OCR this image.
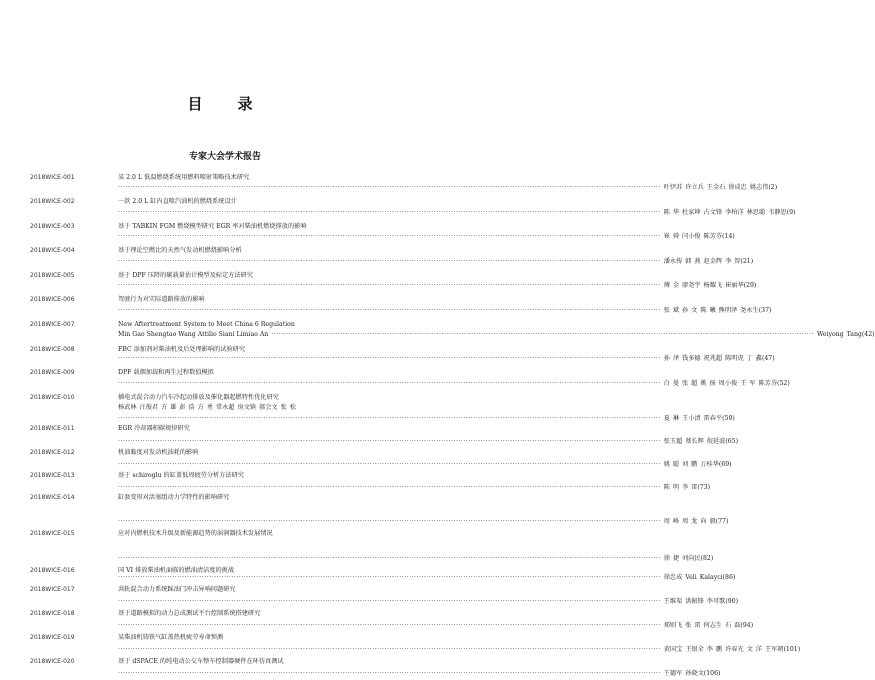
目　录
专家大会学术报告
2018WICE-001	某 2.0 L 低温燃烧系统用燃料喷射策略技术研究
···························································································································································································································· 叶伊苏 许立兵 王金石 徐成忠 姚志伟(2)
2018WICE-002	一款 2.0 L 缸内直喷汽油机的燃烧系统设计
···························································································································································································································· 陈 华 杜家坤 占文锋 李柏洋 林思聪 韦静思(9)
2018WICE-003	基于 TABKIN FGM 燃烧模型研究 EGR 率对柴油机燃烧排放的影响
···························································································································································································································· 崔 舜 闫小俊 陈芳芬(14)
2018WICE-004	基于理论空燃比的天然气发动机燃烧影响分析
···························································································································································································································· 潘永传 韩 燕 赵金辉 李 智(21)
2018WICE-005	基于 DPF 压降的碳载量估计模型及标定方法研究
···························································································································································································································· 傅 金 廖尧宇 杨耀飞 崔丽华(29)
2018WICE-006	驾驶行为对实际道路排放的影响
···························································································································································································································· 张 斌 孙 文 陈 曦 熊明泽 尧永生(37)
2018WICE-007	New Aftertreatment System to Meet China 6 Regulation
Min Gao Shengtao Wang Attilio Siani Limiao An ···························································································································································································································· Weiyong Tang(42)
2018WICE-008	FBC 添加剂对柴油机及后处理影响的试验研究
···························································································································································································································· 孙 泽 钱多德 祝兆超 陈明虎 丁 鑫(47)
2018WICE-009	DPF 载烟加载和再生过程数值模拟
···························································································································································································································· 白 曼 张 超 姚 扬 周小俊 王 军 陈芳芬(52)
2018WICE-010	插电式混合动力汽车冷起动排放及催化器起燃特性优化研究
杨武林 汪俊君 方 雄 彭 浩 方 勇 常永超 房文镇 郝会文 张 松
···························································································································································································································· 夏 琳 王小清 雷春平(59)
2018WICE-011	EGR 冷却器积碳规律研究
···························································································································································································································· 张玉超 蔡长辉 倪延波(65)
2018WICE-012	机油黏度对发动机油耗的影响
···························································································································································································································· 姚 聪 刘 鹏 万桂华(69)
2018WICE-013	基于 schiroglu 的缸盖低周疲劳分析方法研究
···························································································································································································································· 陈 明 李 雷(73)
2018WICE-014	缸套变形对活塞组动力学特性的影响研究
···························································································································································································································· 周 峰 周 龙 向 毅(77)
2018WICE-015	应对内燃机技术升级及新能源趋势的涡润器技术发展情况
···························································································································································································································· 徐 捷 刘向民(82)
2018WICE-016	国 VI 排放柴油机面临的燃油清洁度的挑战
···························································································································································································································· 徐忠成 Veli Kalayci(86)
2018WICE-017	共轨混合动力系统踩油门冲击异响问题研究
···························································································································································································································· 王维渠 洪振锋 李可歌(90)
2018WICE-018	基于道路模拟的动力总成测试平台控制系统搭建研究
···························································································································································································································· 郑则飞 张 雷 何志生 石 磊(94)
2018WICE-019	某柴油机铸铁气缸盖热机疲劳寿命预测
···························································································································································································································· 黄国宝 王银全 李 鹏 许春光 文 洋 王军朝(101)
2018WICE-020	基于 dSPACE 的纯电动公交车整车控制器硬件在环仿真测试
···························································································································································································································· 王德军 孙晓文(106)
